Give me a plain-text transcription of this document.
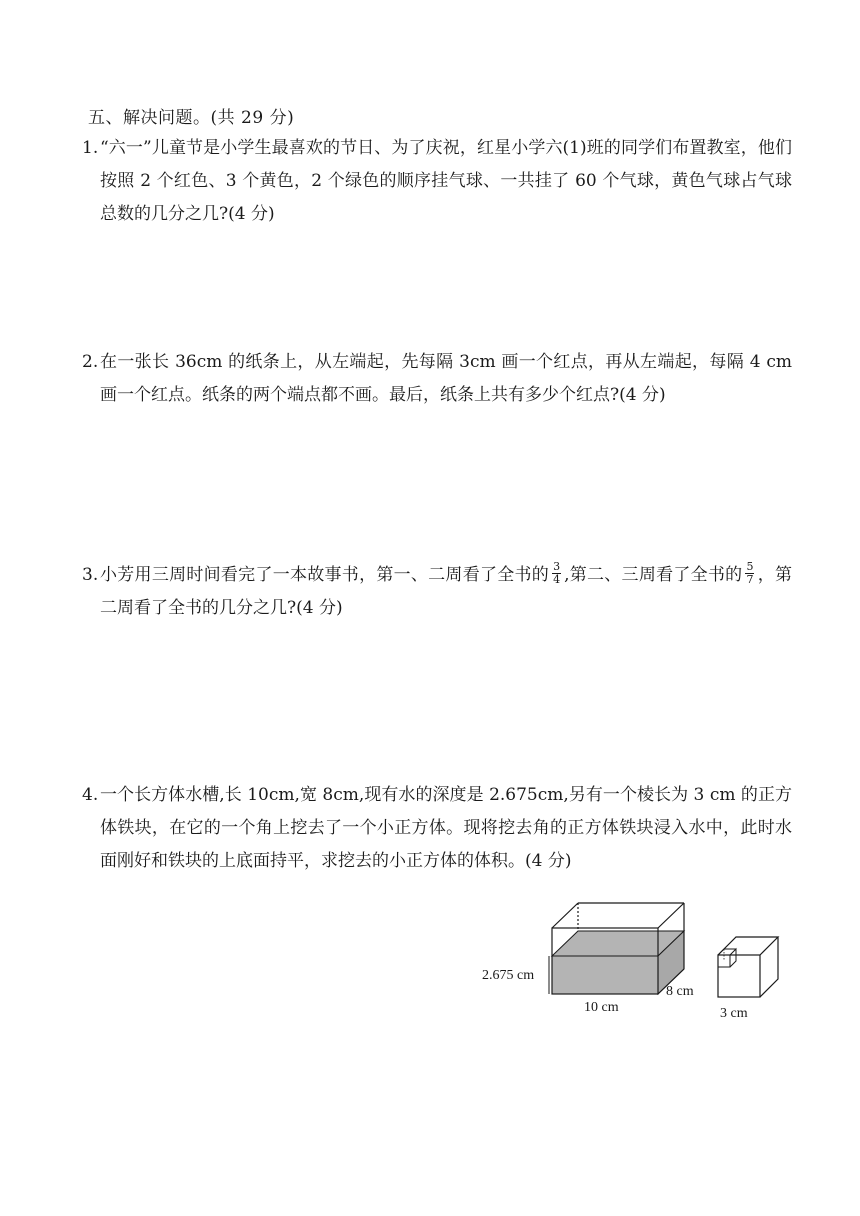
五、解决问题。(共 29 分)
1. “六一”儿童节是小学生最喜欢的节日、为了庆祝，红星小学六(1)班的同学们布置教室，他们按照 2 个红色、3 个黄色，2 个绿色的顺序挂气球、一共挂了 60 个气球，黄色气球占气球总数的几分之几?(4 分)
2. 在一张长 36cm 的纸条上，从左端起，先每隔 3cm 画一个红点，再从左端起，每隔 4 cm 画一个红点。纸条的两个端点都不画。最后，纸条上共有多少个红点?(4 分)
3. 小芳用三周时间看完了一本故事书，第一、二周看了全书的 $\frac{3}{4}$ ,第二、三周看了全书的 $\frac{5}{7}$ ，第二周看了全书的几分之几?(4 分)
4. 一个长方体水槽,长 10cm,宽 8cm,现有水的深度是 2.675cm,另有一个棱长为 3 cm 的正方体铁块，在它的一个角上挖去了一个小正方体。现将挖去角的正方体铁块浸入水中，此时水面刚好和铁块的上底面持平，求挖去的小正方体的体积。(4 分)
2.675 cm
10 cm
8 cm
3 cm
